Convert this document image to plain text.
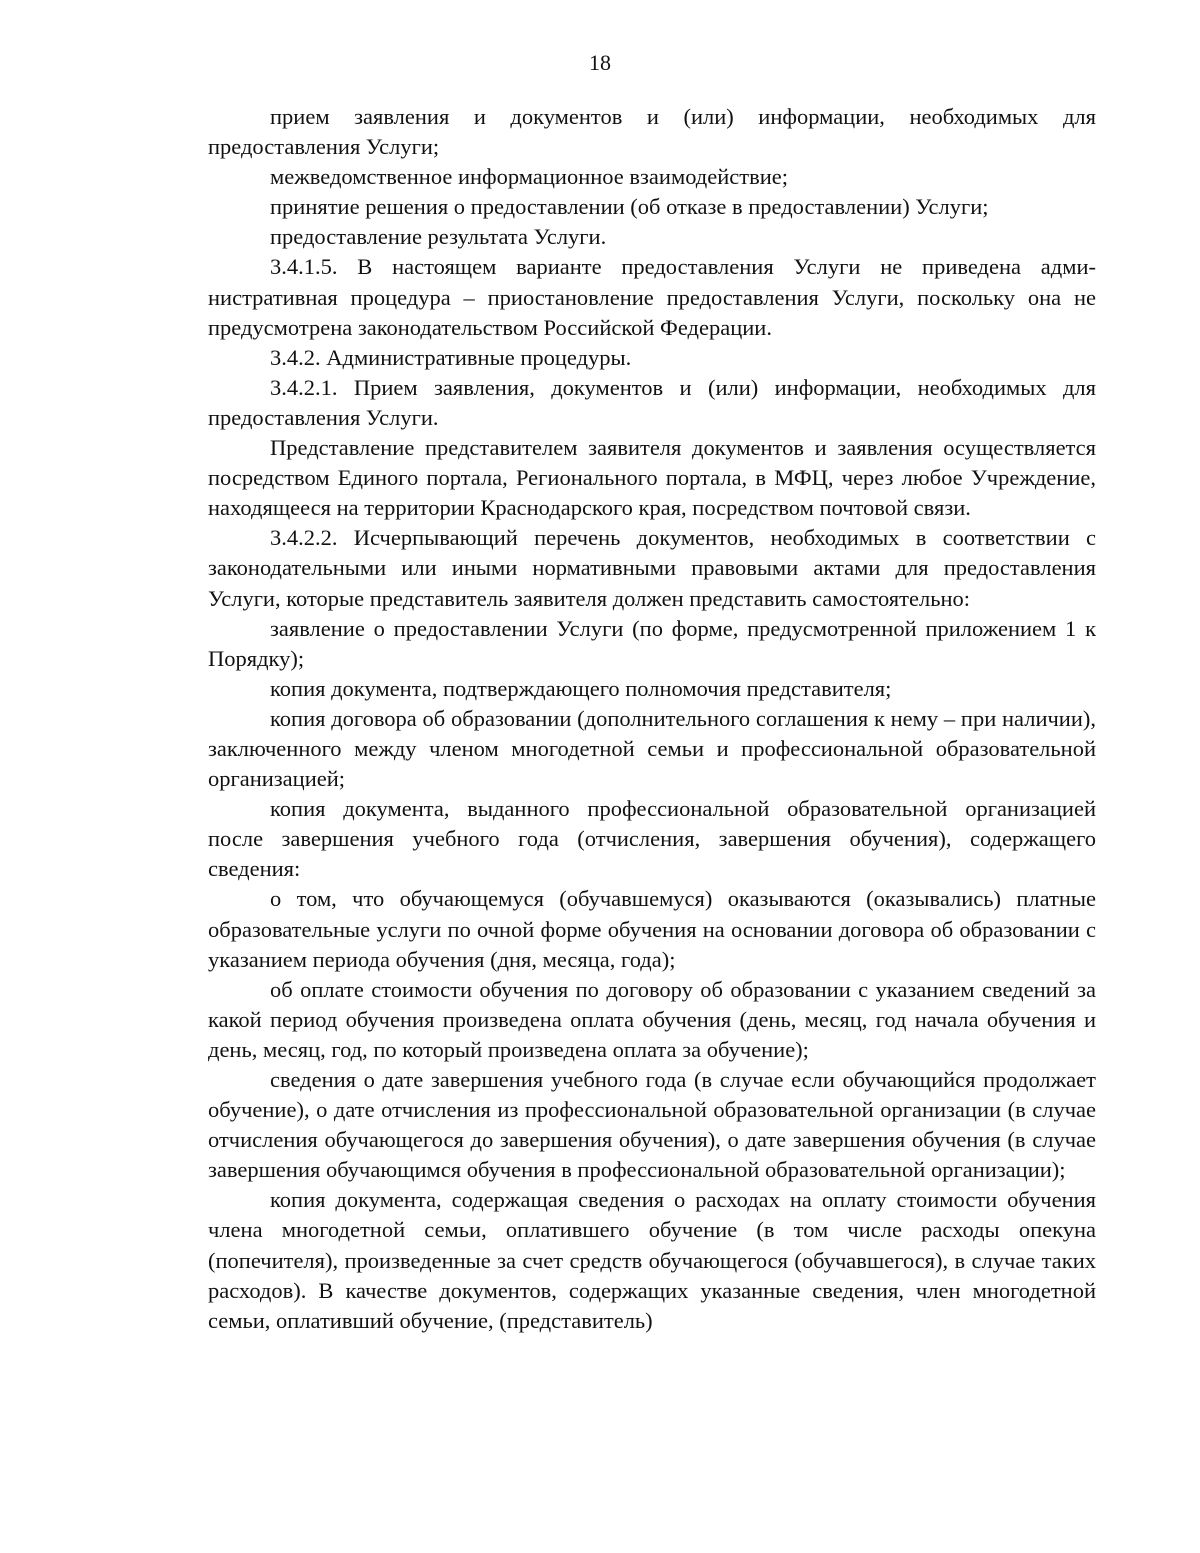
18

прием заявления и документов и (или) информации, необходимых для предоставления Услуги;

межведомственное информационное взаимодействие;

принятие решения о предоставлении (об отказе в предоставлении) Услуги;

предоставление результата Услуги.

3.4.1.5. В настоящем варианте предоставления Услуги не приведена административная процедура – приостановление предоставления Услуги, поскольку она не предусмотрена законодательством Российской Федерации.

3.4.2. Административные процедуры.

3.4.2.1. Прием заявления, документов и (или) информации, необходимых для предоставления Услуги.

Представление представителем заявителя документов и заявления осуществляется посредством Единого портала, Регионального портала, в МФЦ, через любое Учреждение, находящееся на территории Краснодарского края, посредством почтовой связи.

3.4.2.2. Исчерпывающий перечень документов, необходимых в соответствии с законодательными или иными нормативными правовыми актами для предоставления Услуги, которые представитель заявителя должен представить самостоятельно:

заявление о предоставлении Услуги (по форме, предусмотренной приложением 1 к Порядку);

копия документа, подтверждающего полномочия представителя;

копия договора об образовании (дополнительного соглашения к нему – при наличии), заключенного между членом многодетной семьи и профессиональной образовательной организацией;

копия документа, выданного профессиональной образовательной организацией после завершения учебного года (отчисления, завершения обучения), содержащего сведения:

о том, что обучающемуся (обучавшемуся) оказываются (оказывались) платные образовательные услуги по очной форме обучения на основании договора об образовании с указанием периода обучения (дня, месяца, года);

об оплате стоимости обучения по договору об образовании с указанием сведений за какой период обучения произведена оплата обучения (день, месяц, год начала обучения и день, месяц, год, по который произведена оплата за обучение);

сведения о дате завершения учебного года (в случае если обучающийся продолжает обучение), о дате отчисления из профессиональной образовательной организации (в случае отчисления обучающегося до завершения обучения), о дате завершения обучения (в случае завершения обучающимся обучения в профессиональной образовательной организации);

копия документа, содержащая сведения о расходах на оплату стоимости обучения члена многодетной семьи, оплатившего обучение (в том числе расходы опекуна (попечителя), произведенные за счет средств обучающегося (обучавшегося), в случае таких расходов). В качестве документов, содержащих указанные сведения, член многодетной семьи, оплативший обучение, (представитель)
